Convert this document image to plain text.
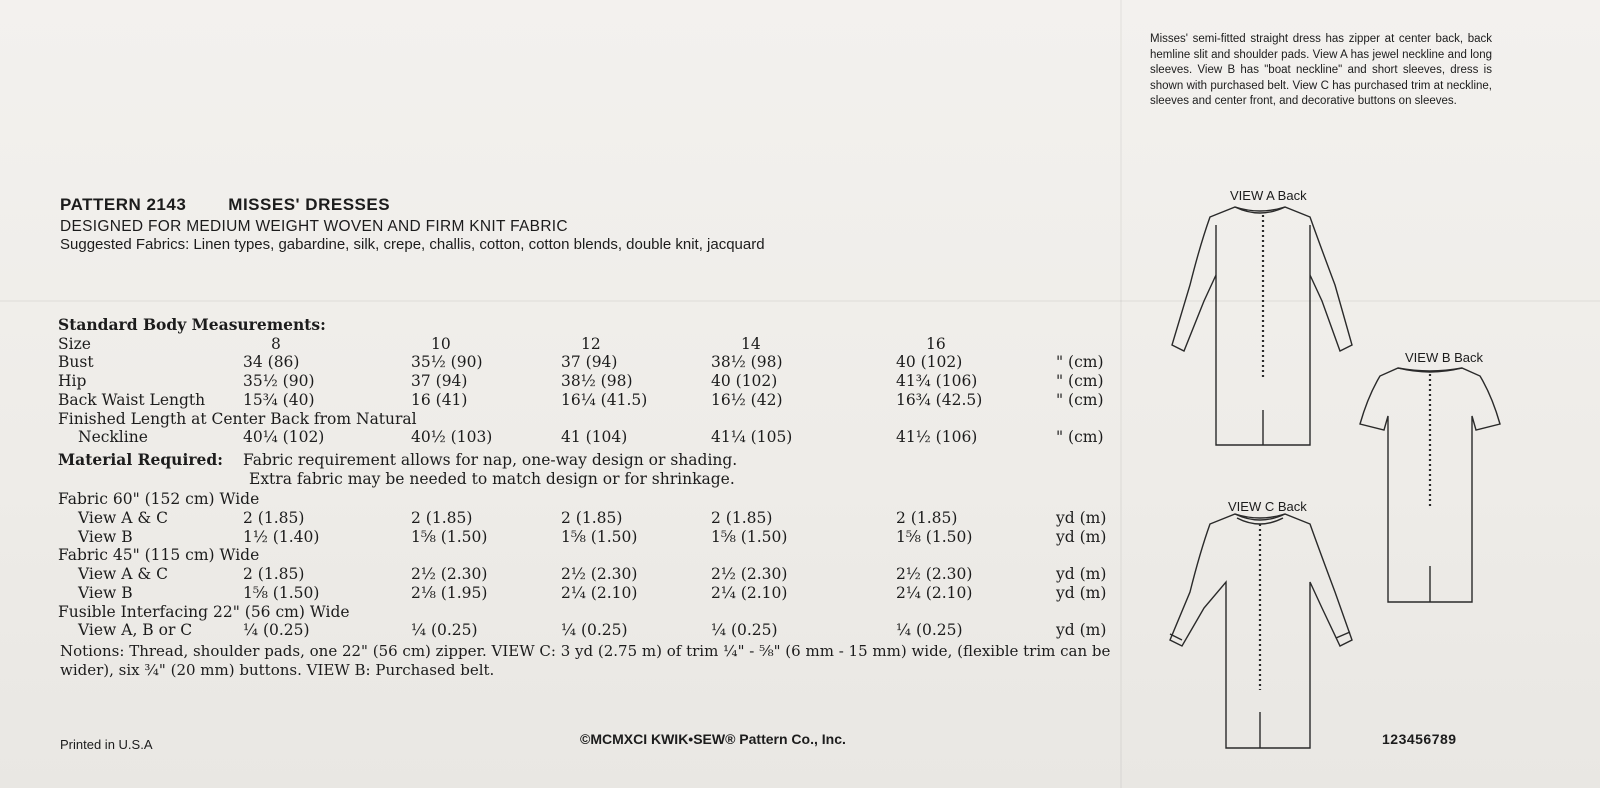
PATTERN 2143 MISSES' DRESSES
DESIGNED FOR MEDIUM WEIGHT WOVEN AND FIRM KNIT FABRIC
Suggested Fabrics: Linen types, gabardine, silk, crepe, challis, cotton, cotton blends, double knit, jacquard
Standard Body Measurements:						
Size	8	10	12	14	16	
Bust	34 (86)	35½ (90)	37 (94)	38½ (98)	40 (102)	" (cm)
Hip	35½ (90)	37 (94)	38½ (98)	40 (102)	41¾ (106)	" (cm)
Back Waist Length	15¾ (40)	16 (41)	16¼ (41.5)	16½ (42)	16¾ (42.5)	" (cm)
Finished Length at Center Back from Natural						
Neckline	40¼ (102)	40½ (103)	41 (104)	41¼ (105)	41½ (106)	" (cm)
Material Required:	Fabric requirement allows for nap, one-way design or shading.					
	Extra fabric may be needed to match design or for shrinkage.					
Fabric 60" (152 cm) Wide						
View A & C	2 (1.85)	2 (1.85)	2 (1.85)	2 (1.85)	2 (1.85)	yd (m)
View B	1½ (1.40)	1⅝ (1.50)	1⅝ (1.50)	1⅝ (1.50)	1⅝ (1.50)	yd (m)
Fabric 45" (115 cm) Wide						
View A & C	2 (1.85)	2½ (2.30)	2½ (2.30)	2½ (2.30)	2½ (2.30)	yd (m)
View B	1⅝ (1.50)	2⅛ (1.95)	2¼ (2.10)	2¼ (2.10)	2¼ (2.10)	yd (m)
Fusible Interfacing 22" (56 cm) Wide						
View A, B or C	¼ (0.25)	¼ (0.25)	¼ (0.25)	¼ (0.25)	¼ (0.25)	yd (m)
Notions: Thread, shoulder pads, one 22" (56 cm) zipper. VIEW C: 3 yd (2.75 m) of trim ¼" - ⅝" (6 mm - 15 mm) wide, (flexible trim can be wider), six ¾" (20 mm) buttons. VIEW B: Purchased belt.
Printed in U.S.A	©MCMXCI KWIK•SEW® Pattern Co., Inc.	123456789
Misses' semi-fitted straight dress has zipper at center back, back hemline slit and shoulder pads. View A has jewel neckline and long sleeves. View B has "boat neckline" and short sleeves, dress is shown with purchased belt. View C has purchased trim at neckline, sleeves and center front, and decorative buttons on sleeves.
VIEW A Back
VIEW B Back
VIEW C Back
